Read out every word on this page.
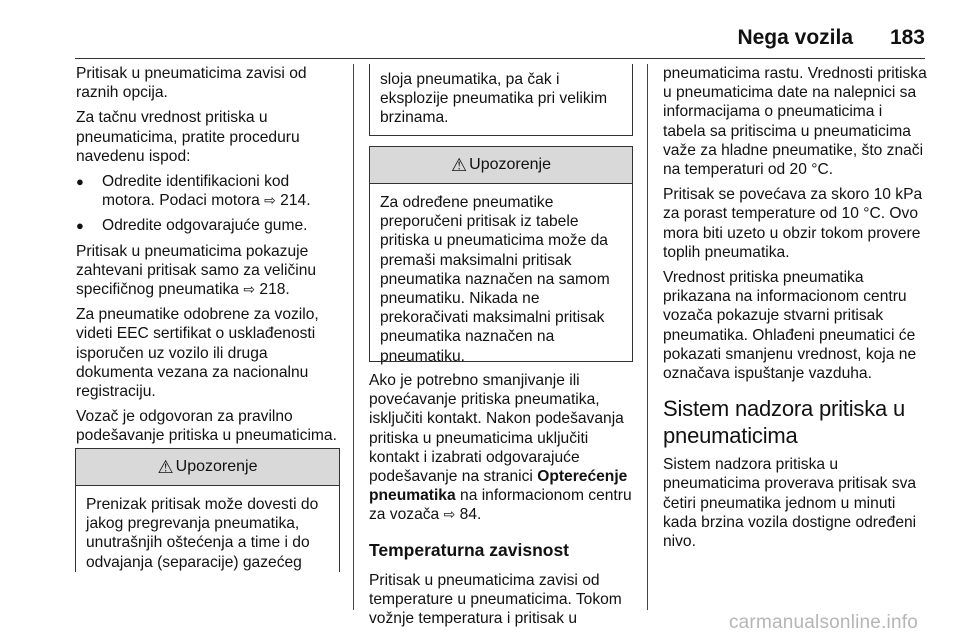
Nega vozila 183

Pritisak u pneumaticima zavisi od raznih opcija.

Za tačnu vrednost pritiska u pneumaticima, pratite proceduru navedenu ispod:

●	Odredite identifikacioni kod motora. Podaci motora ⇨ 214.
●	Odredite odgovarajuće gume.

Pritisak u pneumaticima pokazuje zahtevani pritisak samo za veličinu specifičnog pneumatika ⇨ 218.

Za pneumatike odobrene za vozilo, videti EEC sertifikat o usklađenosti isporučen uz vozilo ili druga dokumenta vezana za nacionalnu registraciju.

Vozač je odgovoran za pravilno podešavanje pritiska u pneumaticima.

⚠ Upozorenje
Prenizak pritisak može dovesti do jakog pregrevanja pneumatika, unutrašnjih oštećenja a time i do odvajanja (separacije) gazećeg
sloja pneumatika, pa čak i eksplozije pneumatika pri velikim brzinama.
⚠ Upozorenje
Za određene pneumatike preporučeni pritisak iz tabele pritiska u pneumaticima može da premaši maksimalni pritisak pneumatika naznačen na samom pneumatiku. Nikada ne prekoračivati maksimalni pritisak pneumatika naznačen na pneumatiku.

Ako je potrebno smanjivanje ili povećavanje pritiska pneumatika, isključiti kontakt. Nakon podešavanja pritiska u pneumaticima uključiti kontakt i izabrati odgovarajuće podešavanje na stranici Opterećenje pneumatika na informacionom centru za vozača ⇨ 84.

Temperaturna zavisnost

Pritisak u pneumaticima zavisi od temperature u pneumaticima. Tokom vožnje temperatura i pritisak u

pneumaticima rastu. Vrednosti pritiska u pneumaticima date na nalepnici sa informacijama o pneumaticima i tabela sa pritiscima u pneumaticima važe za hladne pneumatike, što znači na temperaturi od 20 °C.

Pritisak se povećava za skoro 10 kPa za porast temperature od 10 °C. Ovo mora biti uzeto u obzir tokom provere toplih pneumatika.

Vrednost pritiska pneumatika prikazana na informacionom centru vozača pokazuje stvarni pritisak pneumatika. Ohlađeni pneumatici će pokazati smanjenu vrednost, koja ne označava ispuštanje vazduha.

Sistem nadzora pritiska u pneumaticima

Sistem nadzora pritiska u pneumaticima proverava pritisak sva četiri pneumatika jednom u minuti kada brzina vozila dostigne određeni nivo.

carmanualsonline.info
